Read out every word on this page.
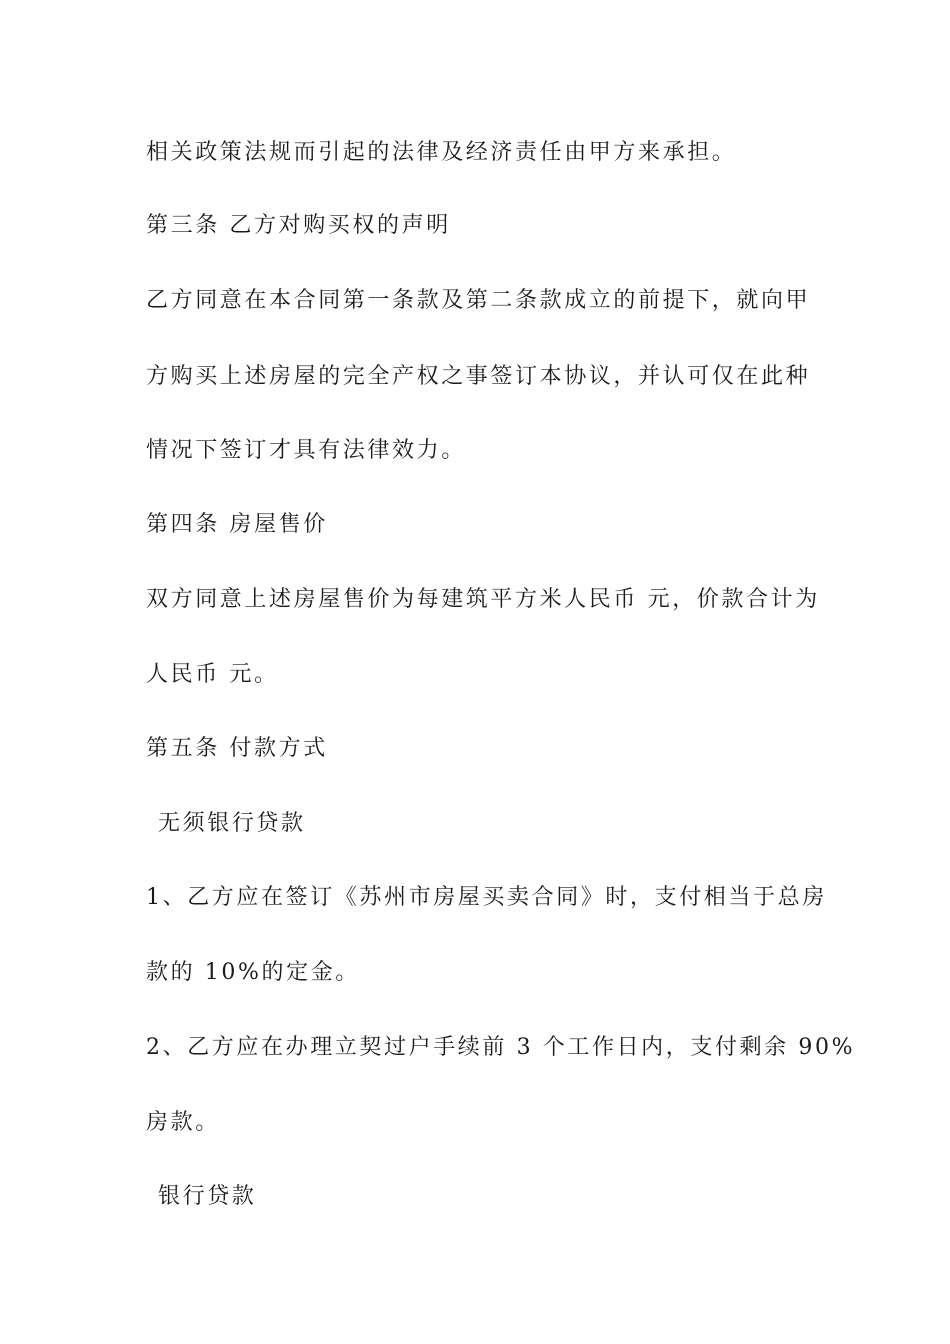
相关政策法规而引起的法律及经济责任由甲方来承担。
第三条 乙方对购买权的声明
乙方同意在本合同第一条款及第二条款成立的前提下，就向甲
方购买上述房屋的完全产权之事签订本协议，并认可仅在此种
情况下签订才具有法律效力。
第四条 房屋售价
双方同意上述房屋售价为每建筑平方米人民币 元，价款合计为
人民币 元。
第五条 付款方式
无须银行贷款
1、乙方应在签订《苏州市房屋买卖合同》时，支付相当于总房
款的 10%的定金。
2、乙方应在办理立契过户手续前 3 个工作日内，支付剩余 90%
房款。
银行贷款
